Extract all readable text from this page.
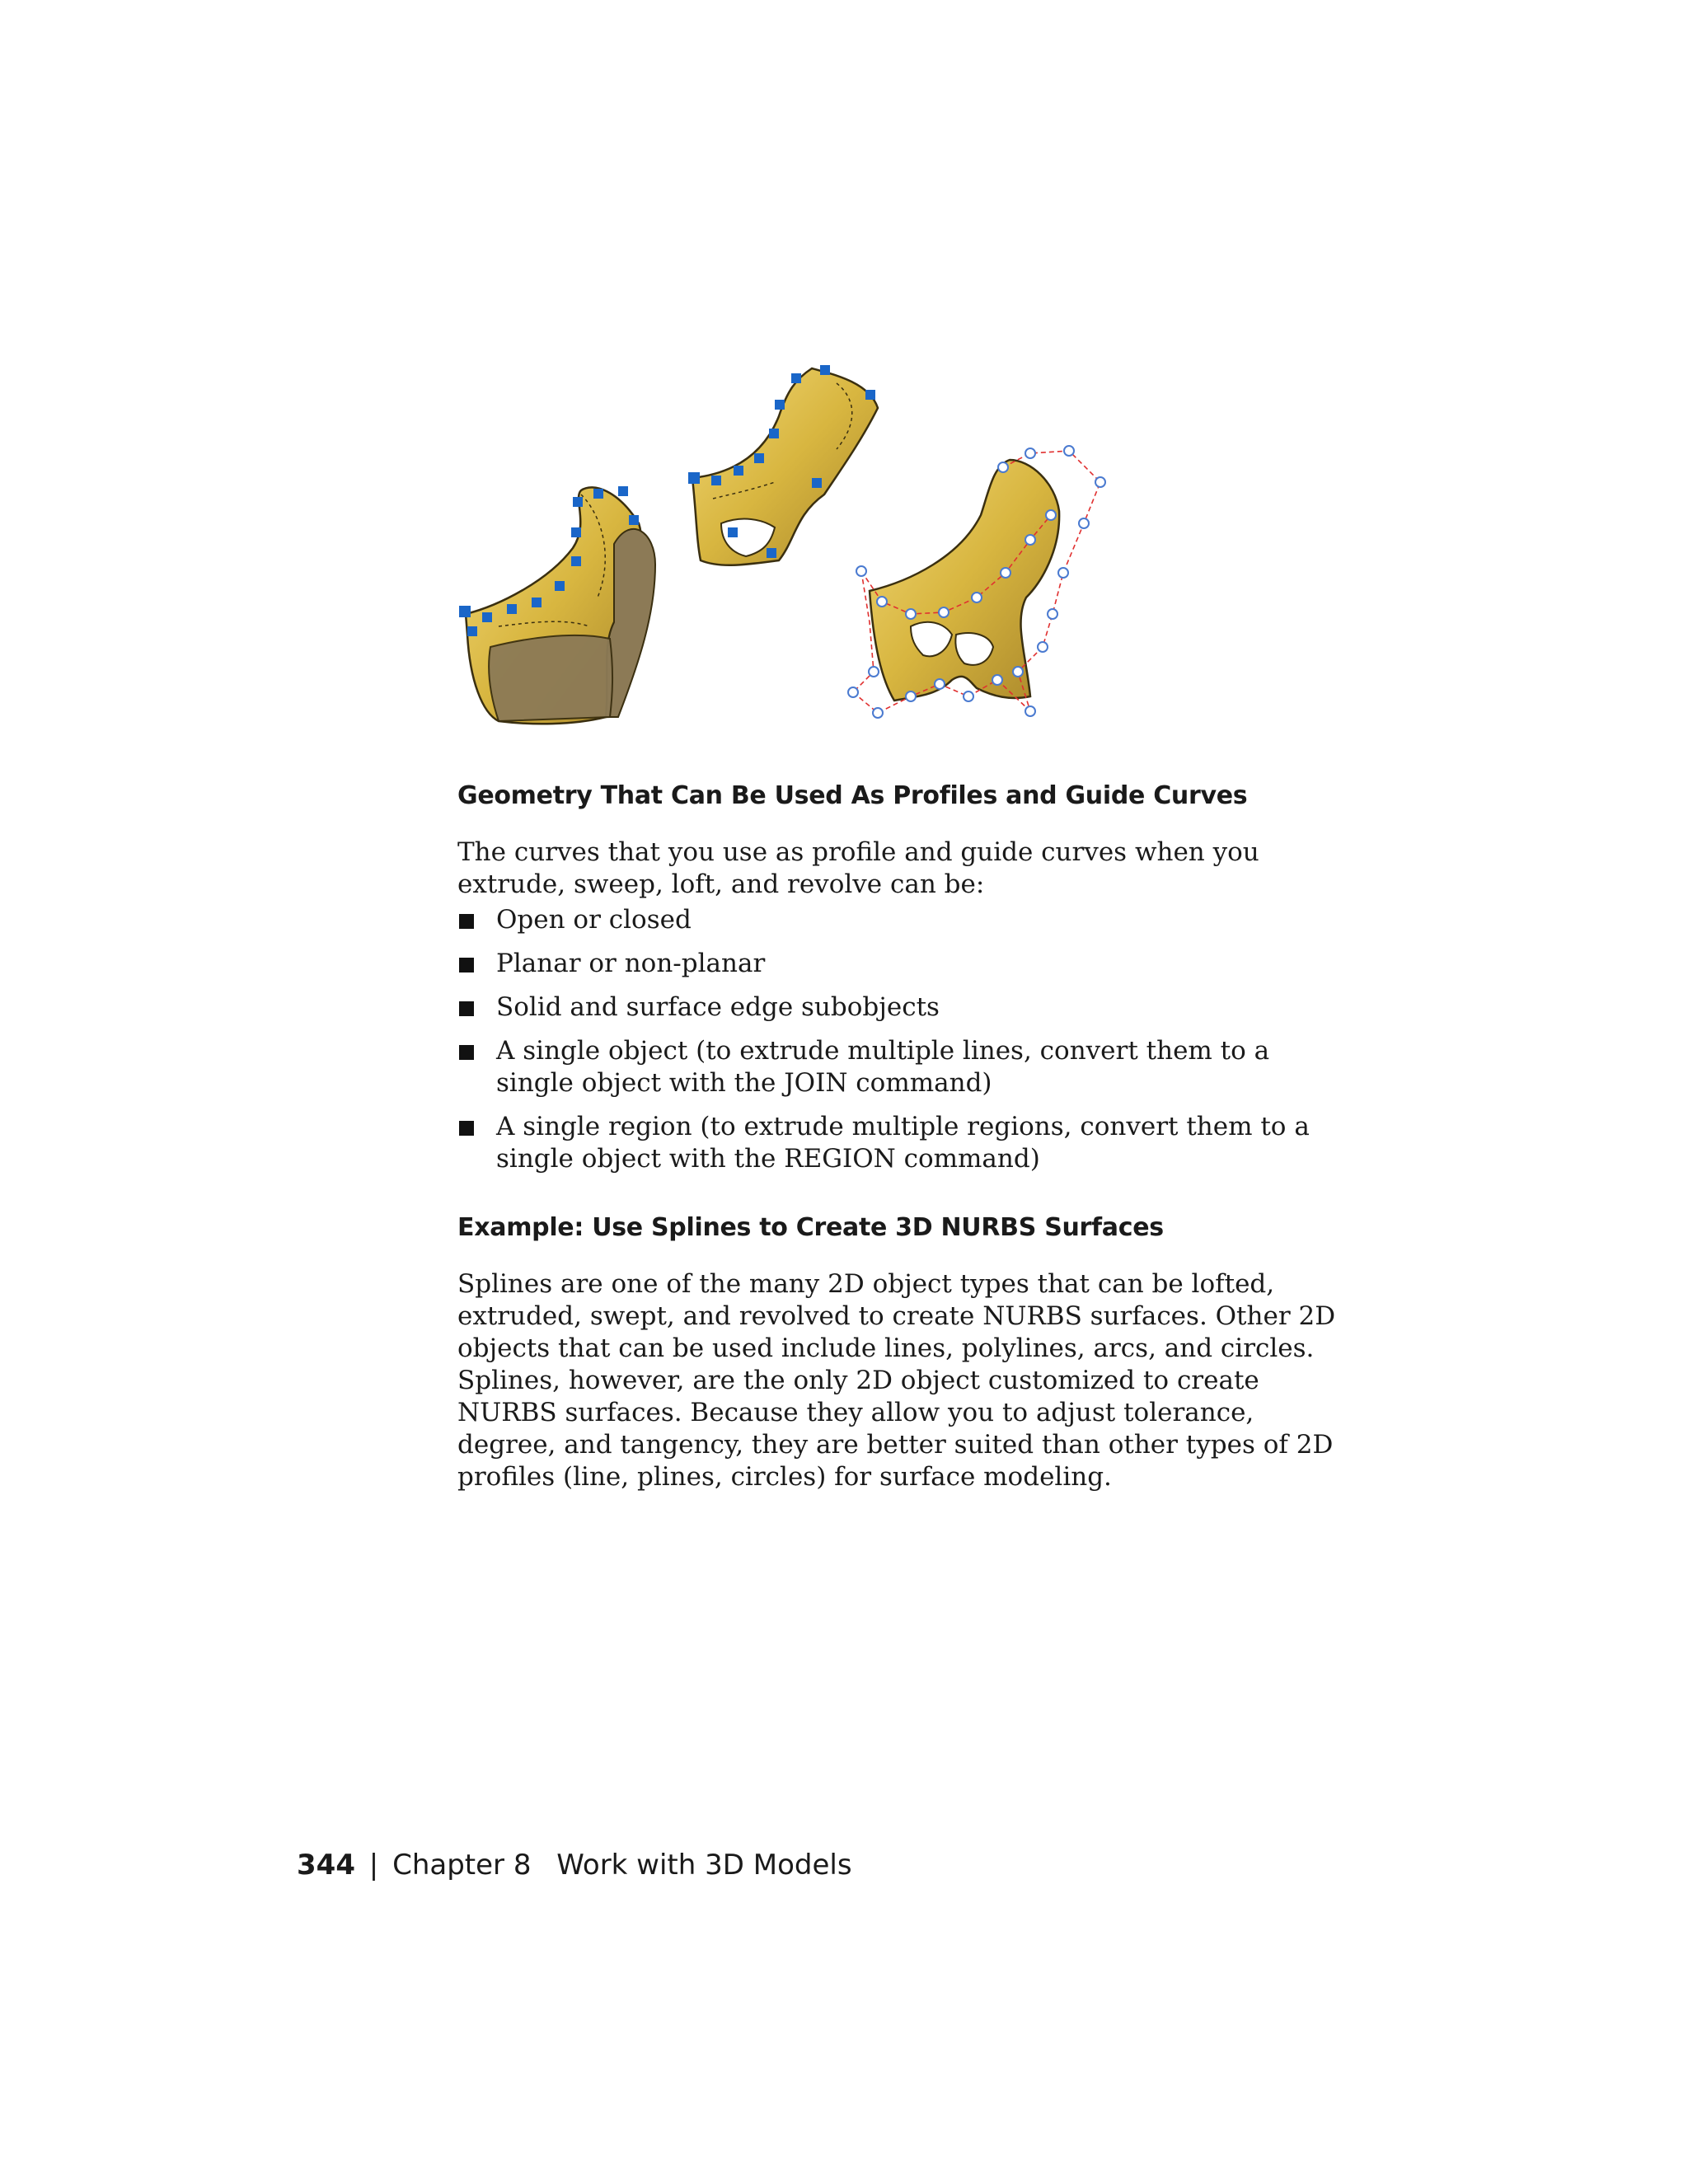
Geometry That Can Be Used As Profiles and Guide Curves

The curves that you use as profile and guide curves when you extrude, sweep, loft, and revolve can be:

Open or closed
Planar or non-planar
Solid and surface edge subobjects
A single object (to extrude multiple lines, convert them to a single object with the JOIN command)
A single region (to extrude multiple regions, convert them to a single object with the REGION command)
Example: Use Splines to Create 3D NURBS Surfaces

Splines are one of the many 2D object types that can be lofted, extruded, swept, and revolved to create NURBS surfaces. Other 2D objects that can be used include lines, polylines, arcs, and circles. Splines, however, are the only 2D object customized to create NURBS surfaces. Because they allow you to adjust tolerance, degree, and tangency, they are better suited than other types of 2D profiles (line, plines, circles) for surface modeling.

344 | Chapter 8 Work with 3D Models
